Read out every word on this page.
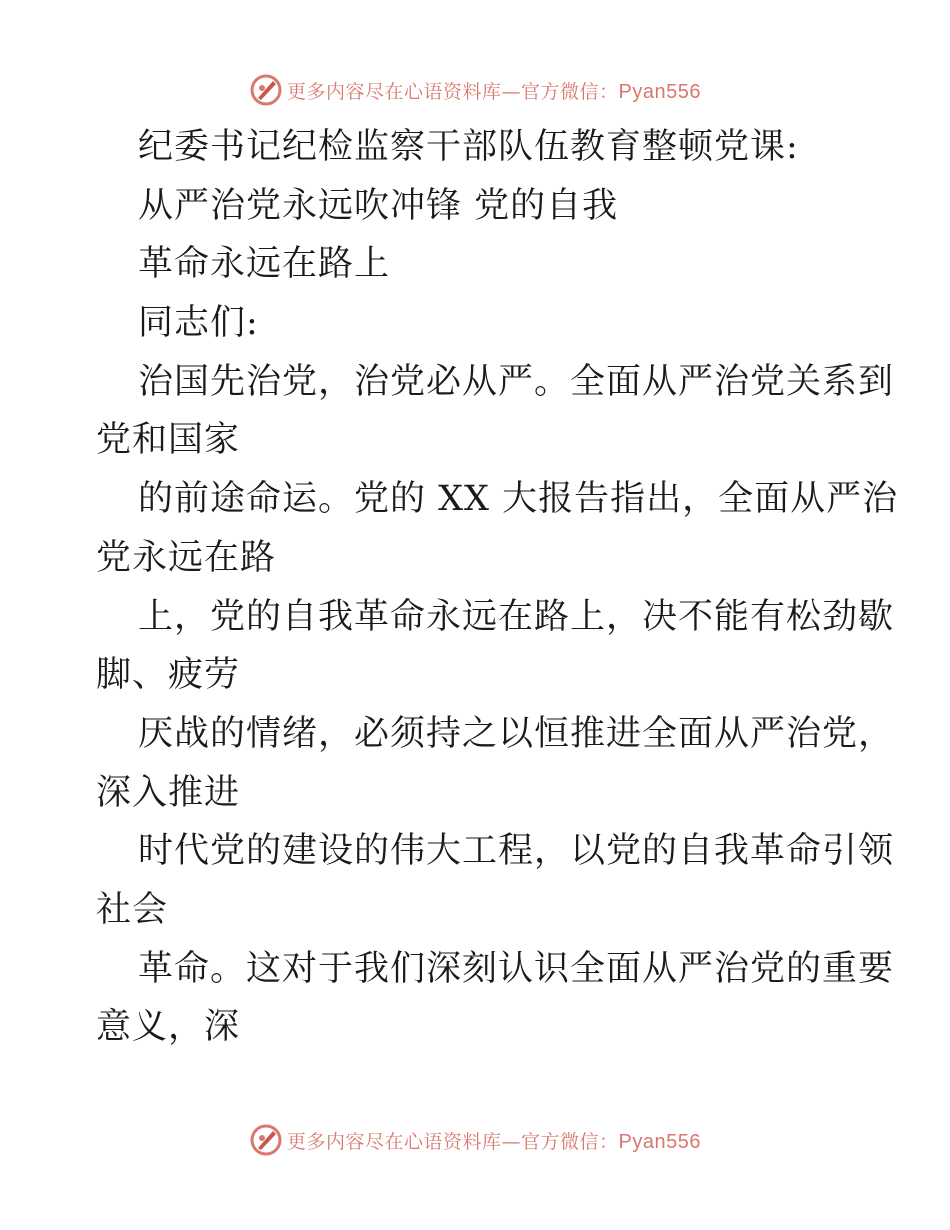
更多内容尽在心语资料库—官方微信：Pyan556
纪委书记纪检监察干部队伍教育整顿党课:
从严治党永远吹冲锋 党的自我
革命永远在路上
同志们:
治国先治党，治党必从严。全面从严治党关系到
党和国家
的前途命运。党的 XX 大报告指出，全面从严治
党永远在路
上，党的自我革命永远在路上，决不能有松劲歇
脚、疲劳
厌战的情绪，必须持之以恒推进全面从严治党，
深入推进
时代党的建设的伟大工程，以党的自我革命引领
社会
革命。这对于我们深刻认识全面从严治党的重要
意义，深
更多内容尽在心语资料库—官方微信：Pyan556
